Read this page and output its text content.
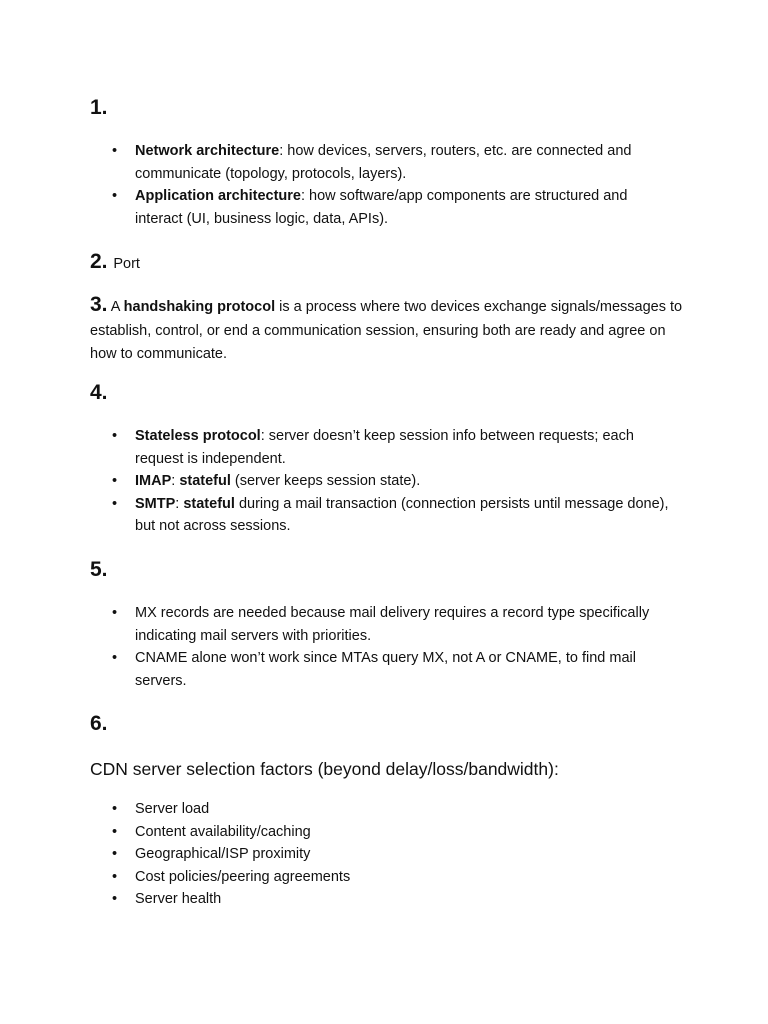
1.
• Network architecture: how devices, servers, routers, etc. are connected and communicate (topology, protocols, layers).
• Application architecture: how software/app components are structured and interact (UI, business logic, data, APIs).
2. Port
3. A handshaking protocol is a process where two devices exchange signals/messages to establish, control, or end a communication session, ensuring both are ready and agree on how to communicate.
4.
• Stateless protocol: server doesn’t keep session info between requests; each request is independent.
• IMAP: stateful (server keeps session state).
• SMTP: stateful during a mail transaction (connection persists until message done), but not across sessions.
5.
• MX records are needed because mail delivery requires a record type specifically indicating mail servers with priorities.
• CNAME alone won’t work since MTAs query MX, not A or CNAME, to find mail servers.
6.
CDN server selection factors (beyond delay/loss/bandwidth):
• Server load
• Content availability/caching
• Geographical/ISP proximity
• Cost policies/peering agreements
• Server health
